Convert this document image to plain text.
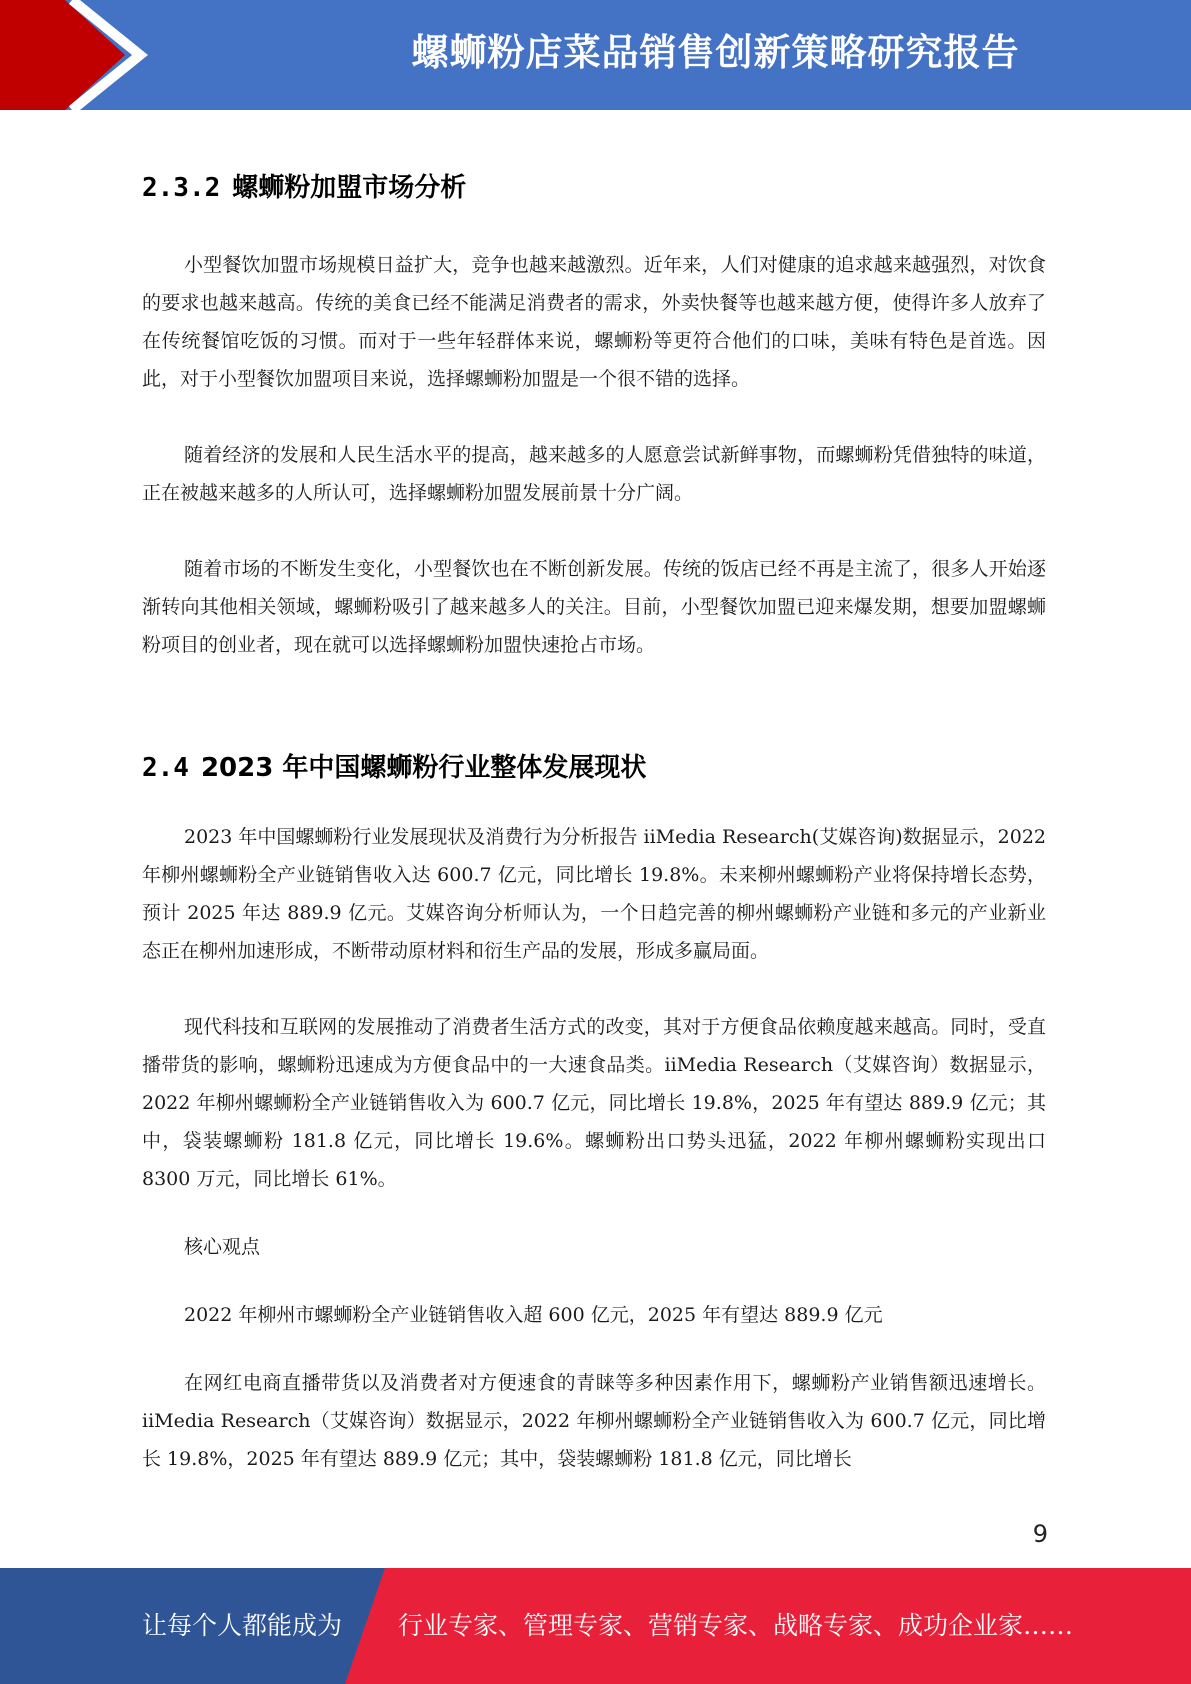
螺蛳粉店菜品销售创新策略研究报告
2.3.2 螺蛳粉加盟市场分析

小型餐饮加盟市场规模日益扩大，竞争也越来越激烈。近年来，人们对健康的追求越来越强烈，对饮食的要求也越来越高。传统的美食已经不能满足消费者的需求，外卖快餐等也越来越方便，使得许多人放弃了在传统餐馆吃饭的习惯。而对于一些年轻群体来说，螺蛳粉等更符合他们的口味，美味有特色是首选。因此，对于小型餐饮加盟项目来说，选择螺蛳粉加盟是一个很不错的选择。

随着经济的发展和人民生活水平的提高，越来越多的人愿意尝试新鲜事物，而螺蛳粉凭借独特的味道，正在被越来越多的人所认可，选择螺蛳粉加盟发展前景十分广阔。

随着市场的不断发生变化，小型餐饮也在不断创新发展。传统的饭店已经不再是主流了，很多人开始逐渐转向其他相关领域，螺蛳粉吸引了越来越多人的关注。目前，小型餐饮加盟已迎来爆发期，想要加盟螺蛳粉项目的创业者，现在就可以选择螺蛳粉加盟快速抢占市场。

2.4 2023 年中国螺蛳粉行业整体发展现状

2023 年中国螺蛳粉行业发展现状及消费行为分析报告 iiMedia Research(艾媒咨询)数据显示，2022 年柳州螺蛳粉全产业链销售收入达 600.7 亿元，同比增长 19.8%。未来柳州螺蛳粉产业将保持增长态势，预计 2025 年达 889.9 亿元。艾媒咨询分析师认为，一个日趋完善的柳州螺蛳粉产业链和多元的产业新业态正在柳州加速形成，不断带动原材料和衍生产品的发展，形成多赢局面。

现代科技和互联网的发展推动了消费者生活方式的改变，其对于方便食品依赖度越来越高。同时，受直播带货的影响，螺蛳粉迅速成为方便食品中的一大速食品类。iiMedia Research（艾媒咨询）数据显示，2022 年柳州螺蛳粉全产业链销售收入为 600.7 亿元，同比增长 19.8%，2025 年有望达 889.9 亿元；其中，袋装螺蛳粉 181.8 亿元，同比增长 19.6%。螺蛳粉出口势头迅猛，2022 年柳州螺蛳粉实现出口 8300 万元，同比增长 61%。

核心观点

2022 年柳州市螺蛳粉全产业链销售收入超 600 亿元，2025 年有望达 889.9 亿元

在网红电商直播带货以及消费者对方便速食的青睐等多种因素作用下，螺蛳粉产业销售额迅速增长。iiMedia Research（艾媒咨询）数据显示，2022 年柳州螺蛳粉全产业链销售收入为 600.7 亿元，同比增长 19.8%，2025 年有望达 889.9 亿元；其中，袋装螺蛳粉 181.8 亿元，同比增长

9
让每个人都能成为 行业专家、管理专家、营销专家、战略专家、成功企业家……
